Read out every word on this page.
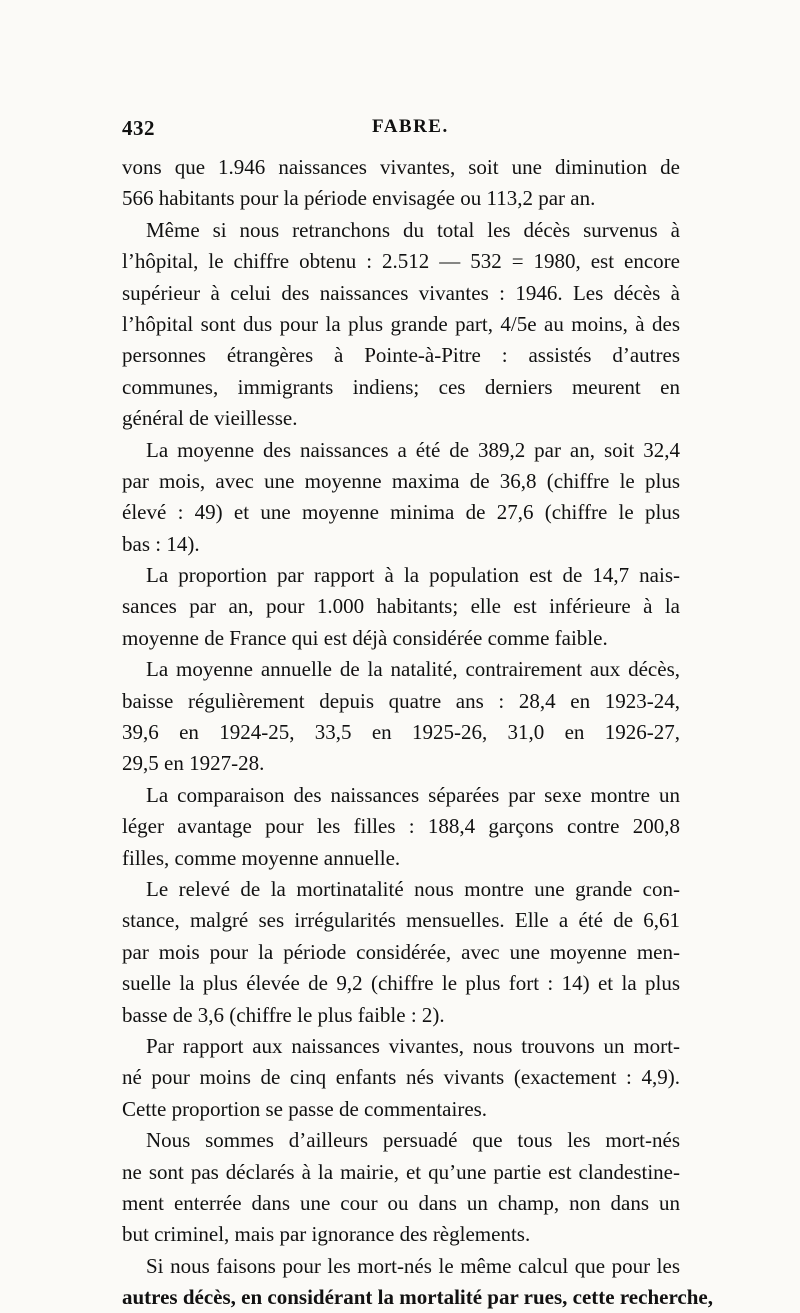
432	FABRE.
vons que 1.946 naissances vivantes, soit une diminution de
566 habitants pour la période envisagée ou 113,2 par an.
Même si nous retranchons du total les décès survenus à
l’hôpital, le chiffre obtenu : 2.512 — 532 = 1980, est encore
supérieur à celui des naissances vivantes : 1946. Les décès à
l’hôpital sont dus pour la plus grande part, 4/5e au moins, à des
personnes étrangères à Pointe-à-Pitre : assistés d’autres
communes, immigrants indiens; ces derniers meurent en
général de vieillesse.
La moyenne des naissances a été de 389,2 par an, soit 32,4
par mois, avec une moyenne maxima de 36,8 (chiffre le plus
élevé : 49) et une moyenne minima de 27,6 (chiffre le plus
bas : 14).
La proportion par rapport à la population est de 14,7 nais-
sances par an, pour 1.000 habitants; elle est inférieure à la
moyenne de France qui est déjà considérée comme faible.
La moyenne annuelle de la natalité, contrairement aux décès,
baisse régulièrement depuis quatre ans : 28,4 en 1923-24,
39,6 en 1924-25, 33,5 en 1925-26, 31,0 en 1926-27,
29,5 en 1927-28.
La comparaison des naissances séparées par sexe montre un
léger avantage pour les filles : 188,4 garçons contre 200,8
filles, comme moyenne annuelle.
Le relevé de la mortinatalité nous montre une grande con-
stance, malgré ses irrégularités mensuelles. Elle a été de 6,61
par mois pour la période considérée, avec une moyenne men-
suelle la plus élevée de 9,2 (chiffre le plus fort : 14) et la plus
basse de 3,6 (chiffre le plus faible : 2).
Par rapport aux naissances vivantes, nous trouvons un mort-
né pour moins de cinq enfants nés vivants (exactement : 4,9).
Cette proportion se passe de commentaires.
Nous sommes d’ailleurs persuadé que tous les mort-nés
ne sont pas déclarés à la mairie, et qu’une partie est clandestine-
ment enterrée dans une cour ou dans un champ, non dans un
but criminel, mais par ignorance des règlements.
Si nous faisons pour les mort-nés le même calcul que pour les
autres décès, en considérant la mortalité par rues, cette recherche,
